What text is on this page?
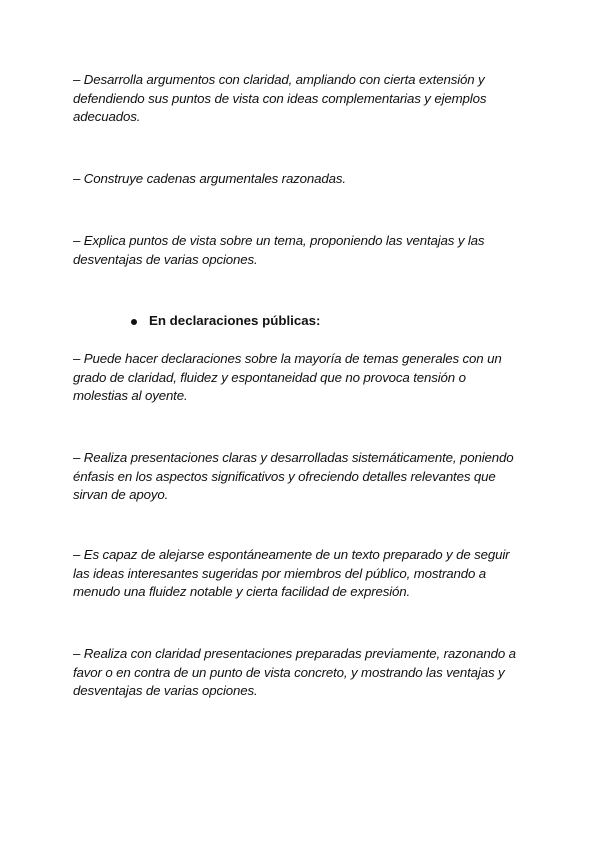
– Desarrolla argumentos con claridad, ampliando con cierta extensión y defendiendo sus puntos de vista con ideas complementarias y ejemplos adecuados.

– Construye cadenas argumentales razonadas.

– Explica puntos de vista sobre un tema, proponiendo las ventajas y las desventajas de varias opciones.

En declaraciones públicas:

– Puede hacer declaraciones sobre la mayoría de temas generales con un grado de claridad, fluidez y espontaneidad que no provoca tensión o molestias al oyente.

– Realiza presentaciones claras y desarrolladas sistemáticamente, poniendo énfasis en los aspectos significativos y ofreciendo detalles relevantes que sirvan de apoyo.

– Es capaz de alejarse espontáneamente de un texto preparado y de seguir las ideas interesantes sugeridas por miembros del público, mostrando a menudo una fluidez notable y cierta facilidad de expresión.

– Realiza con claridad presentaciones preparadas previamente, razonando a favor o en contra de un punto de vista concreto, y mostrando las ventajas y desventajas de varias opciones.
